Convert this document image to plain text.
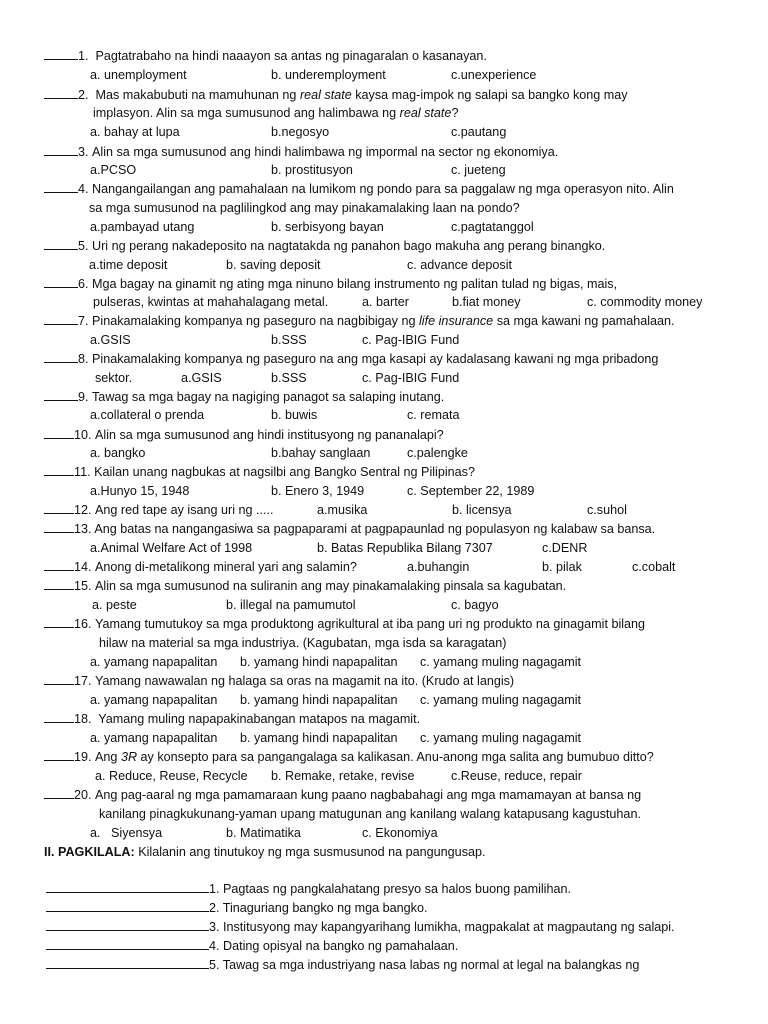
1. Pagtatrabaho na hindi naaayon sa antas ng pinagaralan o kasanayan.
a. unemployment	b. underemployment	c.unexperience
2. Mas makabubuti na mamuhunan ng real state kaysa mag-impok ng salapi sa bangko kong may
implasyon. Alin sa mga sumusunod ang halimbawa ng real state?
a. bahay at lupa	b.negosyo	c.pautang
3. Alin sa mga sumusunod ang hindi halimbawa ng impormal na sector ng ekonomiya.
a.PCSO	b. prostitusyon	c. jueteng
4. Nangangailangan ang pamahalaan na lumikom ng pondo para sa paggalaw ng mga operasyon nito. Alin
sa mga sumusunod na paglilingkod ang may pinakamalaking laan na pondo?
a.pambayad utang	b. serbisyong bayan	c.pagtatanggol
5. Uri ng perang nakadeposito na nagtatakda ng panahon bago makuha ang perang binangko.
a.time deposit	b. saving deposit	c. advance deposit
6. Mga bagay na ginamit ng ating mga ninuno bilang instrumento ng palitan tulad ng bigas, mais,
pulseras, kwintas at mahahalagang metal.	a. barter	b.fiat money	c. commodity money
7. Pinakamalaking kompanya ng paseguro na nagbibigay ng life insurance sa mga kawani ng pamahalaan.
a.GSIS	b.SSS	c. Pag-IBIG Fund
8. Pinakamalaking kompanya ng paseguro na ang mga kasapi ay kadalasang kawani ng mga pribadong
sektor.	a.GSIS	b.SSS	c. Pag-IBIG Fund
9. Tawag sa mga bagay na nagiging panagot sa salaping inutang.
a.collateral o prenda	b. buwis	c. remata
10. Alin sa mga sumusunod ang hindi institusyong ng pananalapi?
a. bangko	b.bahay sanglaan	c.palengke
11. Kailan unang nagbukas at nagsilbi ang Bangko Sentral ng Pilipinas?
a.Hunyo 15, 1948	b. Enero 3, 1949	c. September 22, 1989
12. Ang red tape ay isang uri ng .....	a.musika	b. licensya	c.suhol
13. Ang batas na nangangasiwa sa pagpaparami at pagpapaunlad ng populasyon ng kalabaw sa bansa.
a.Animal Welfare Act of 1998	b. Batas Republika Bilang 7307	c.DENR
14. Anong di-metalikong mineral yari ang salamin?	a.buhangin	b. pilak	c.cobalt
15. Alin sa mga sumusunod na suliranin ang may pinakamalaking pinsala sa kagubatan.
a. peste	b. illegal na pamumutol	c. bagyo
16. Yamang tumutukoy sa mga produktong agrikultural at iba pang uri ng produkto na ginagamit bilang
hilaw na material sa mga industriya. (Kagubatan, mga isda sa karagatan)
a. yamang napapalitan b. yamang hindi napapalitan c. yamang muling nagagamit
17. Yamang nawawalan ng halaga sa oras na magamit na ito. (Krudo at langis)
a. yamang napapalitan b. yamang hindi napapalitan c. yamang muling nagagamit
18.  Yamang muling napapakinabangan matapos na magamit.
a. yamang napapalitan b. yamang hindi napapalitan c. yamang muling nagagamit
19. Ang 3R ay konsepto para sa pangangalaga sa kalikasan. Anu-anong mga salita ang bumubuo ditto?
a. Reduce, Reuse, Recycle b. Remake, retake, revise	c.Reuse, reduce, repair
20. Ang pag-aaral ng mga pamamaraan kung paano nagbabahagi ang mga mamamayan at bansa ng
kanilang pinagkukunang-yaman upang matugunan ang kanilang walang katapusang kagustuhan.
a.   Siyensya	b. Matimatika	c. Ekonomiya
II. PAGKILALA: Kilalanin ang tinutukoy ng mga susmusunod na pangungusap.
1. Pagtaas ng pangkalahatang presyo sa halos buong pamilihan.
2. Tinaguriang bangko ng mga bangko.
3. Institusyong may kapangyarihang lumikha, magpakalat at magpautang ng salapi.
4. Dating opisyal na bangko ng pamahalaan.
5. Tawag sa mga industriyang nasa labas ng normal at legal na balangkas ng
